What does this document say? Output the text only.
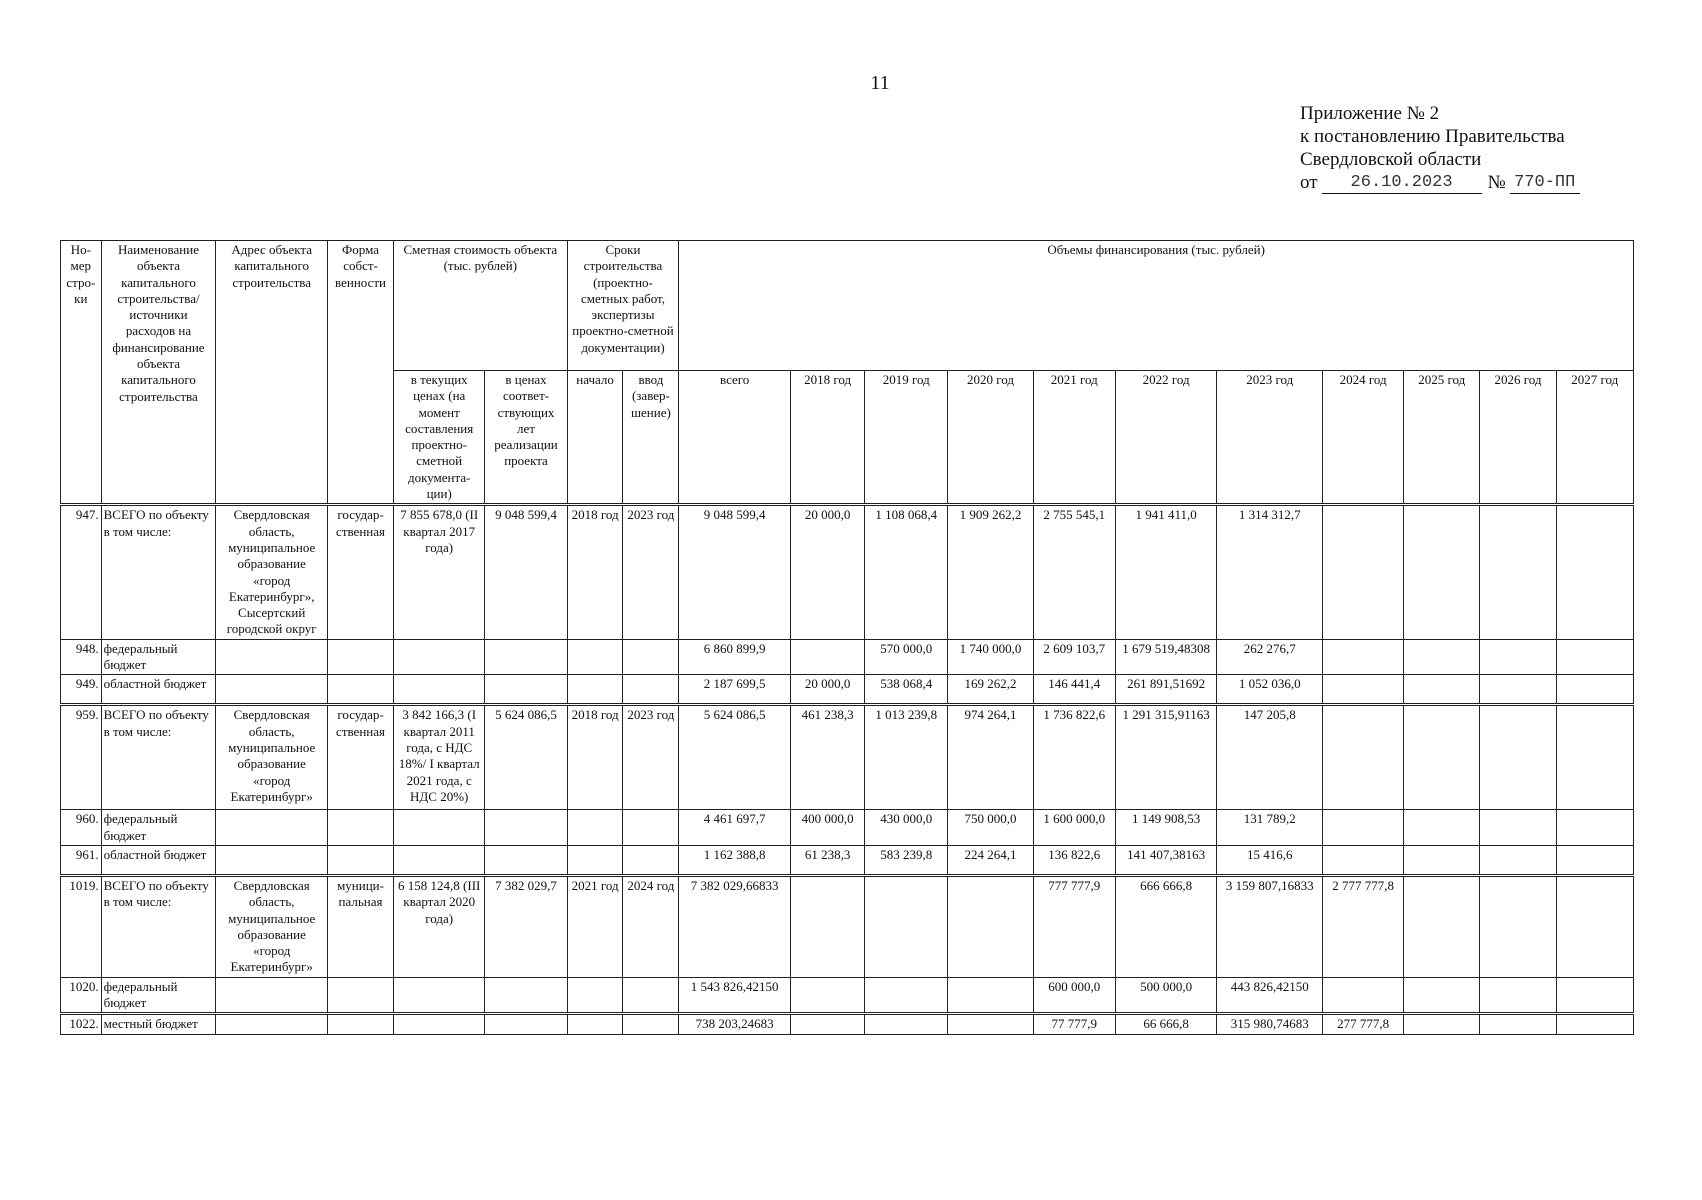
11
Приложение № 2
к постановлению Правительства
Свердловской области
от	26.10.2023	№ 770-ПП
Но-мер стро-ки	Наименование объекта капитального строительства/ источники расходов на финансирование объекта капитального строительства	Адрес объекта капитального строительства	Форма собст-венности	Сметная стоимость объекта (тыс. рублей)		Сроки строительства (проектно-сметных работ, экспертизы проектно-сметной документации)		Объемы финансирования (тыс. рублей)										
				в текущих ценах (на момент составления проектно-сметной документа-ции)	в ценах соответ-ствующих лет реализации проекта	начало	ввод (завер-шение)	всего	2018 год	2019 год	2020 год	2021 год	2022 год	2023 год	2024 год	2025 год	2026 год	2027 год
947.	ВСЕГО по объекту в том числе:	Свердловская область, муниципальное образование «город Екатеринбург», Сысертский городской округ	государ-ственная	7 855 678,0 (II квартал 2017 года)	9 048 599,4	2018 год	2023 год	9 048 599,4	20 000,0	1 108 068,4	1 909 262,2	2 755 545,1	1 941 411,0	1 314 312,7				
948.	федеральный бюджет							6 860 899,9		570 000,0	1 740 000,0	2 609 103,7	1 679 519,48308	262 276,7				
949.	областной бюджет							2 187 699,5	20 000,0	538 068,4	169 262,2	146 441,4	261 891,51692	1 052 036,0				
959.	ВСЕГО по объекту в том числе:	Свердловская область, муниципальное образование «город Екатеринбург»	государ-ственная	3 842 166,3 (I квартал 2011 года, с НДС 18%/ I квартал 2021 года, с НДС 20%)	5 624 086,5	2018 год	2023 год	5 624 086,5	461 238,3	1 013 239,8	974 264,1	1 736 822,6	1 291 315,91163	147 205,8				
960.	федеральный бюджет							4 461 697,7	400 000,0	430 000,0	750 000,0	1 600 000,0	1 149 908,53	131 789,2				
961.	областной бюджет							1 162 388,8	61 238,3	583 239,8	224 264,1	136 822,6	141 407,38163	15 416,6				
1019.	ВСЕГО по объекту в том числе:	Свердловская область, муниципальное образование «город Екатеринбург»	муници-пальная	6 158 124,8 (III квартал 2020 года)	7 382 029,7	2021 год	2024 год	7 382 029,66833				777 777,9	666 666,8	3 159 807,16833	2 777 777,8			
1020.	федеральный бюджет							1 543 826,42150				600 000,0	500 000,0	443 826,42150				
1022.	местный бюджет							738 203,24683				77 777,9	66 666,8	315 980,74683	277 777,8			
